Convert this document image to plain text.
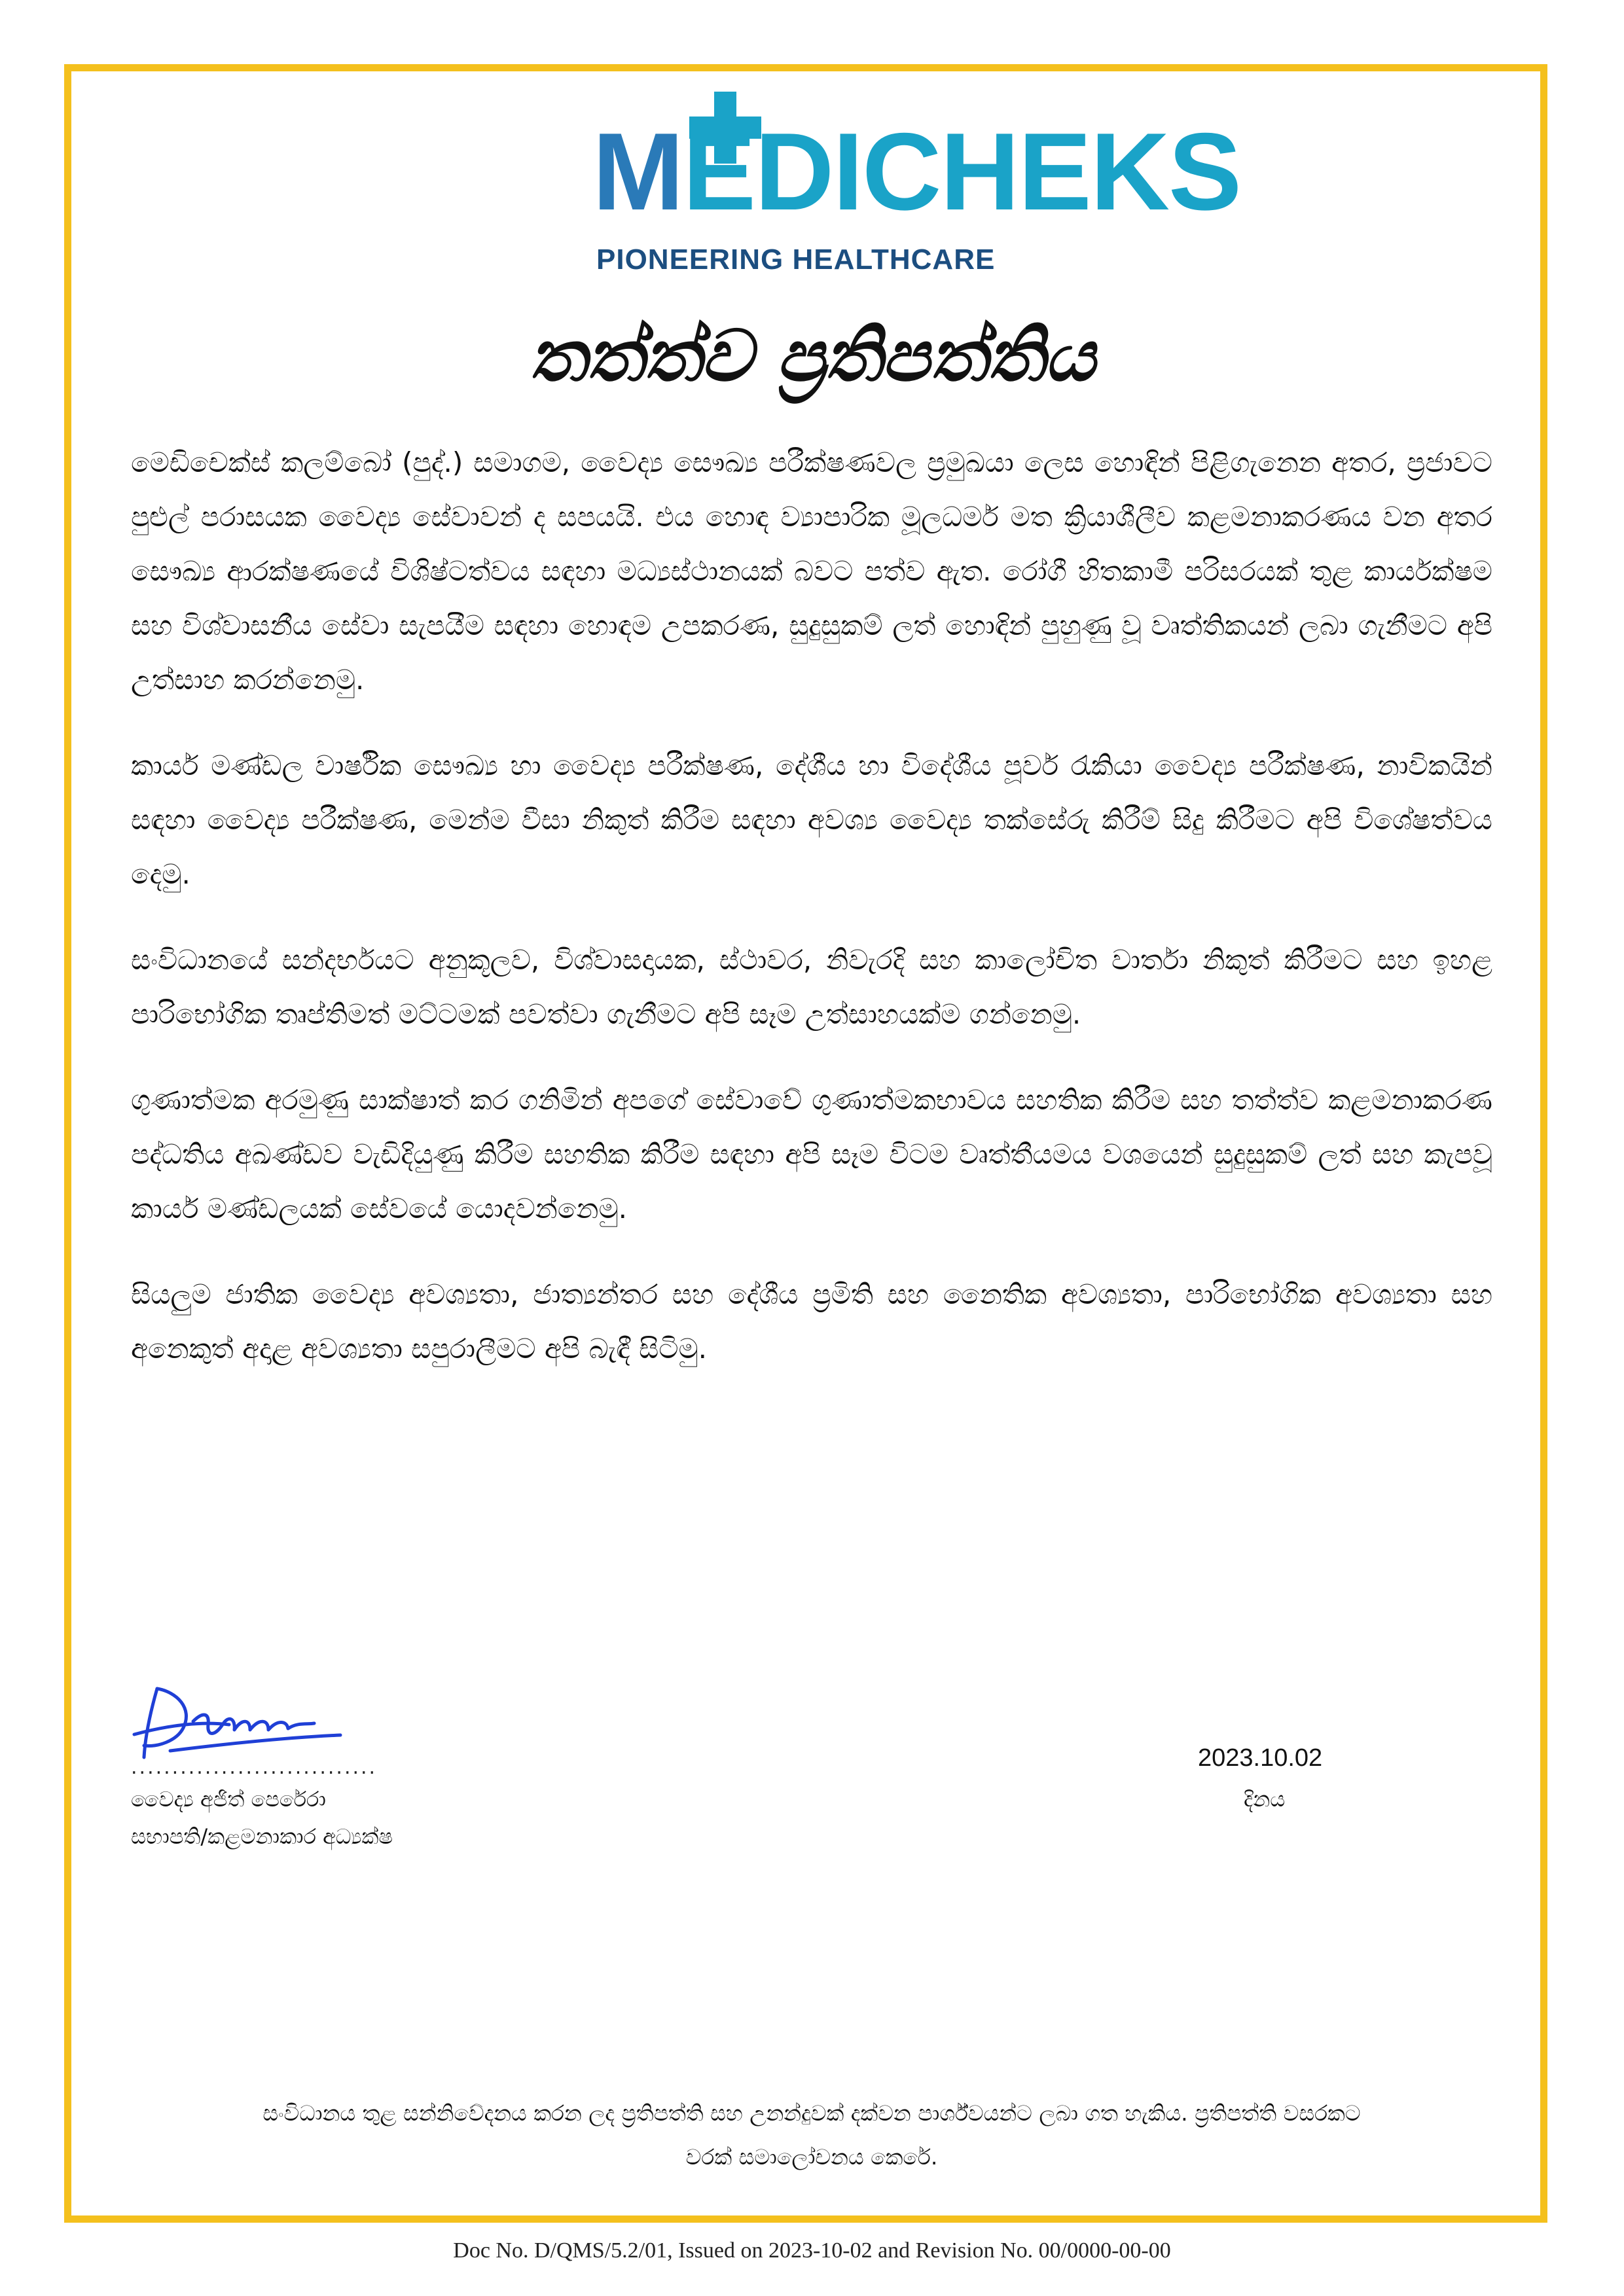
MEDICHEKS
PIONEERING HEALTHCARE
තත්ත්ව ප්‍රතිපත්තිය

මෙඩිචෙක්ස් කලම්බෝ (පුද්.) සමාගම, වෛද්‍ය සෞඛ්‍ය පරීක්ෂණවල ප්‍රමුඛයා ලෙස හොඳින් පිළිගැනෙන අතර, ප්‍රජාවට පුළුල් පරාසයක වෛද්‍ය සේවාවන් ද සපයයි. එය හොඳ ව්‍යාපාරික මූලධර්ම මත ක්‍රියාශීලීව කළමනාකරණය වන අතර සෞඛ්‍ය ආරක්ෂණයේ විශිෂ්ටත්වය සඳහා මධ්‍යස්ථානයක් බවට පත්ව ඇත. රෝගී හිතකාමී පරිසරයක් තුළ කාර්යක්ෂම සහ විශ්වාසනීය සේවා සැපයීම සඳහා හොඳම උපකරණ, සුදුසුකම් ලත් හොඳින් පුහුණු වූ වෘත්තිකයන් ලබා ගැනීමට අපි උත්සාහ කරන්නෙමු.

කාර්ය මණ්ඩල වාර්ෂික සෞඛ්‍ය හා වෛද්‍ය පරීක්ෂණ, දේශීය හා විදේශීය පූර්ව රැකියා වෛද්‍ය පරීක්ෂණ, නාවිකයින් සඳහා වෛද්‍ය පරීක්ෂණ, මෙන්ම වීසා නිකුත් කිරීම සඳහා අවශ්‍ය වෛද්‍ය තක්සේරු කිරීම් සිදු කිරීමට අපි විශේෂත්වය දෙමු.

සංවිධානයේ සන්දර්භයට අනුකූලව, විශ්වාසදායක, ස්ථාවර, නිවැරදි සහ කාලෝචිත වාර්තා නිකුත් කිරීමට සහ ඉහළ පාරිභෝගික තෘප්තිමත් මට්ටමක් පවත්වා ගැනීමට අපි සෑම උත්සාහයක්ම ගන්නෙමු.

ගුණාත්මක අරමුණු සාක්ෂාත් කර ගනිමින් අපගේ සේවාවේ ගුණාත්මකභාවය සහතික කිරීම සහ තත්ත්ව කළමනාකරණ පද්ධතිය අඛණ්ඩව වැඩිදියුණු කිරීම සහතික කිරීම සඳහා අපි සෑම විටම වෘත්තීයමය වශයෙන් සුදුසුකම් ලත් සහ කැපවූ කාර්ය මණ්ඩලයක් සේවයේ යොදවන්නෙමු.

සියලුම ජාතික වෛද්‍ය අවශ්‍යතා, ජාත්‍යන්තර සහ දේශීය ප්‍රමිති සහ නෛතික අවශ්‍යතා, පාරිභෝගික අවශ්‍යතා සහ අනෙකුත් අදාළ අවශ්‍යතා සපුරාලීමට අපි බැඳී සිටිමු.

..............................
වෛද්‍ය අජිත් පෙරේරා
සභාපති/කළමනාකාර අධ්‍යක්ෂ
2023.10.02
දිනය
සංවිධානය තුළ සන්නිවේදනය කරන ලද ප්‍රතිපත්ති සහ උනන්දුවක් දක්වන පාර්ශ්වයන්ට ලබා ගත හැකිය. ප්‍රතිපත්ති වසරකට වරක් සමාලෝචනය කෙරේ.
Doc No. D/QMS/5.2/01, Issued on 2023-10-02 and Revision No. 00/0000-00-00
